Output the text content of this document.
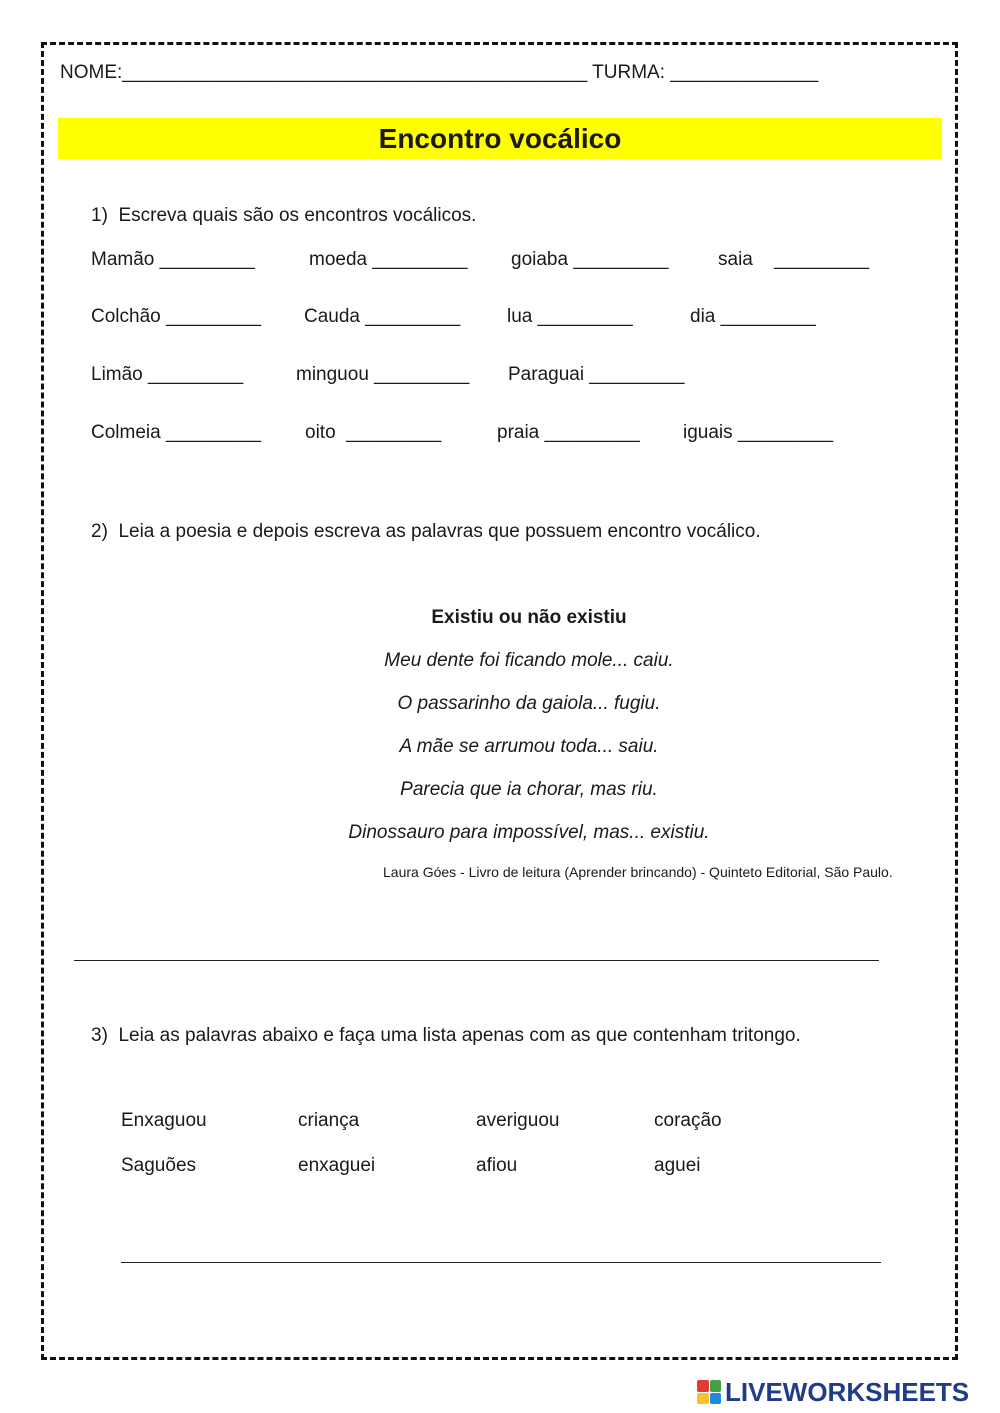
NOME:____________________________________________ TURMA: ______________
Encontro vocálico
1)  Escreva quais são os encontros vocálicos.
Mamão _________	moeda _________ goiaba _________	saia    _________
Colchão _________ Cauda _________ lua _________	dia _________
Limão _________	minguou _________ Paraguai _________
Colmeia _________ oito  _________	praia _________ iguais _________
2)  Leia a poesia e depois escreva as palavras que possuem encontro vocálico.
Existiu ou não existiu
Meu dente foi ficando mole... caiu.
O passarinho da gaiola... fugiu.
A mãe se arrumou toda... saiu.
Parecia que ia chorar, mas riu.
Dinossauro para impossível, mas... existiu.
Laura Góes - Livro de leitura (Aprender brincando) - Quinteto Editorial, São Paulo.
3)  Leia as palavras abaixo e faça uma lista apenas com as que contenham tritongo.
Enxaguou	criança	averiguou	coração
Saguões	enxaguei	afiou	aguei
LIVEWORKSHEETS
